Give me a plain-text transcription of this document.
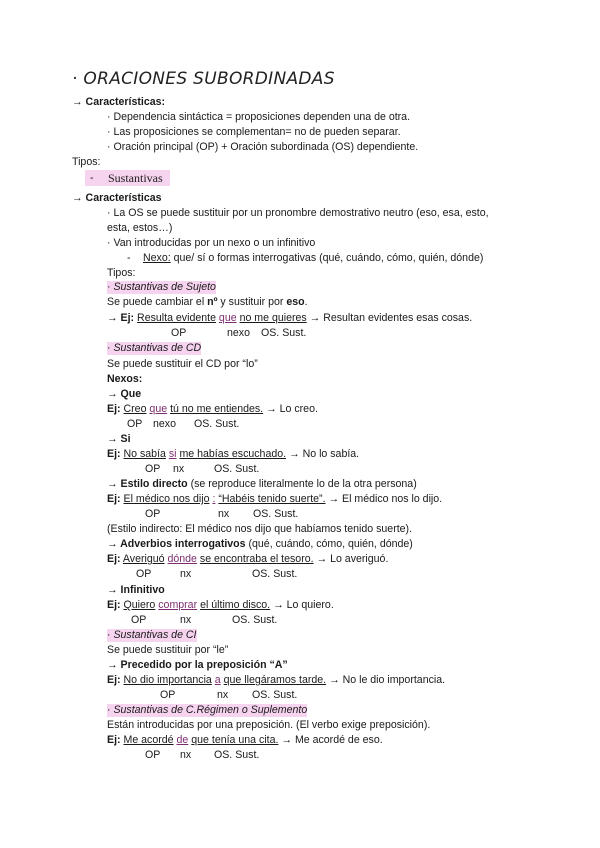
· ORACIONES SUBORDINADAS
→ Características:
· Dependencia sintáctica = proposiciones dependen una de otra.
· Las proposiciones se complementan= no de pueden separar.
· Oración principal (OP) + Oración subordinada (OS) dependiente.
Tipos:
- Sustantivas
→ Características
· La OS se puede sustituir por un pronombre demostrativo neutro (eso, esa, esto,
esta, estos…)
· Van introducidas por un nexo o un infinitivo
- Nexo: que/ sí o formas interrogativas (qué, cuándo, cómo, quién, dónde)
Tipos:
· Sustantivas de Sujeto
Se puede cambiar el nº y sustituir por eso.
→ Ej: Resulta evidente que no me quieres → Resultan evidentes esas cosas.
OP	nexo OS. Sust.
· Sustantivas de CD
Se puede sustituir el CD por “lo”
Nexos:
→ Que
Ej: Creo que tú no me entiendes. → Lo creo.
OP nexo OS. Sust.
→ Si
Ej: No sabía si me habías escuchado. → No lo sabía.
OP nx	OS. Sust.
→ Estilo directo (se reproduce literalmente lo de la otra persona)
Ej: El médico nos dijo : “Habéis tenido suerte”. → El médico nos lo dijo.
OP	nx OS. Sust.
(Estilo indirecto: El médico nos dijo que habíamos tenido suerte).
→ Adverbios interrogativos (qué, cuándo, cómo, quién, dónde)
Ej: Averiguó dónde se encontraba el tesoro. → Lo averiguó.
OP	nx	OS. Sust.
→ Infinitivo
Ej: Quiero comprar el último disco. → Lo quiero.
OP	nx	OS. Sust.
· Sustantivas de CI
Se puede sustituir por “le”
→ Precedido por la preposición “A”
Ej: No dio importancia a que llegáramos tarde. → No le dio importancia.
OP	nx OS. Sust.
· Sustantivas de C.Régimen o Suplemento
Están introducidas por una preposición. (El verbo exige preposición).
Ej: Me acordé de que tenía una cita. → Me acordé de eso.
OP nx OS. Sust.
